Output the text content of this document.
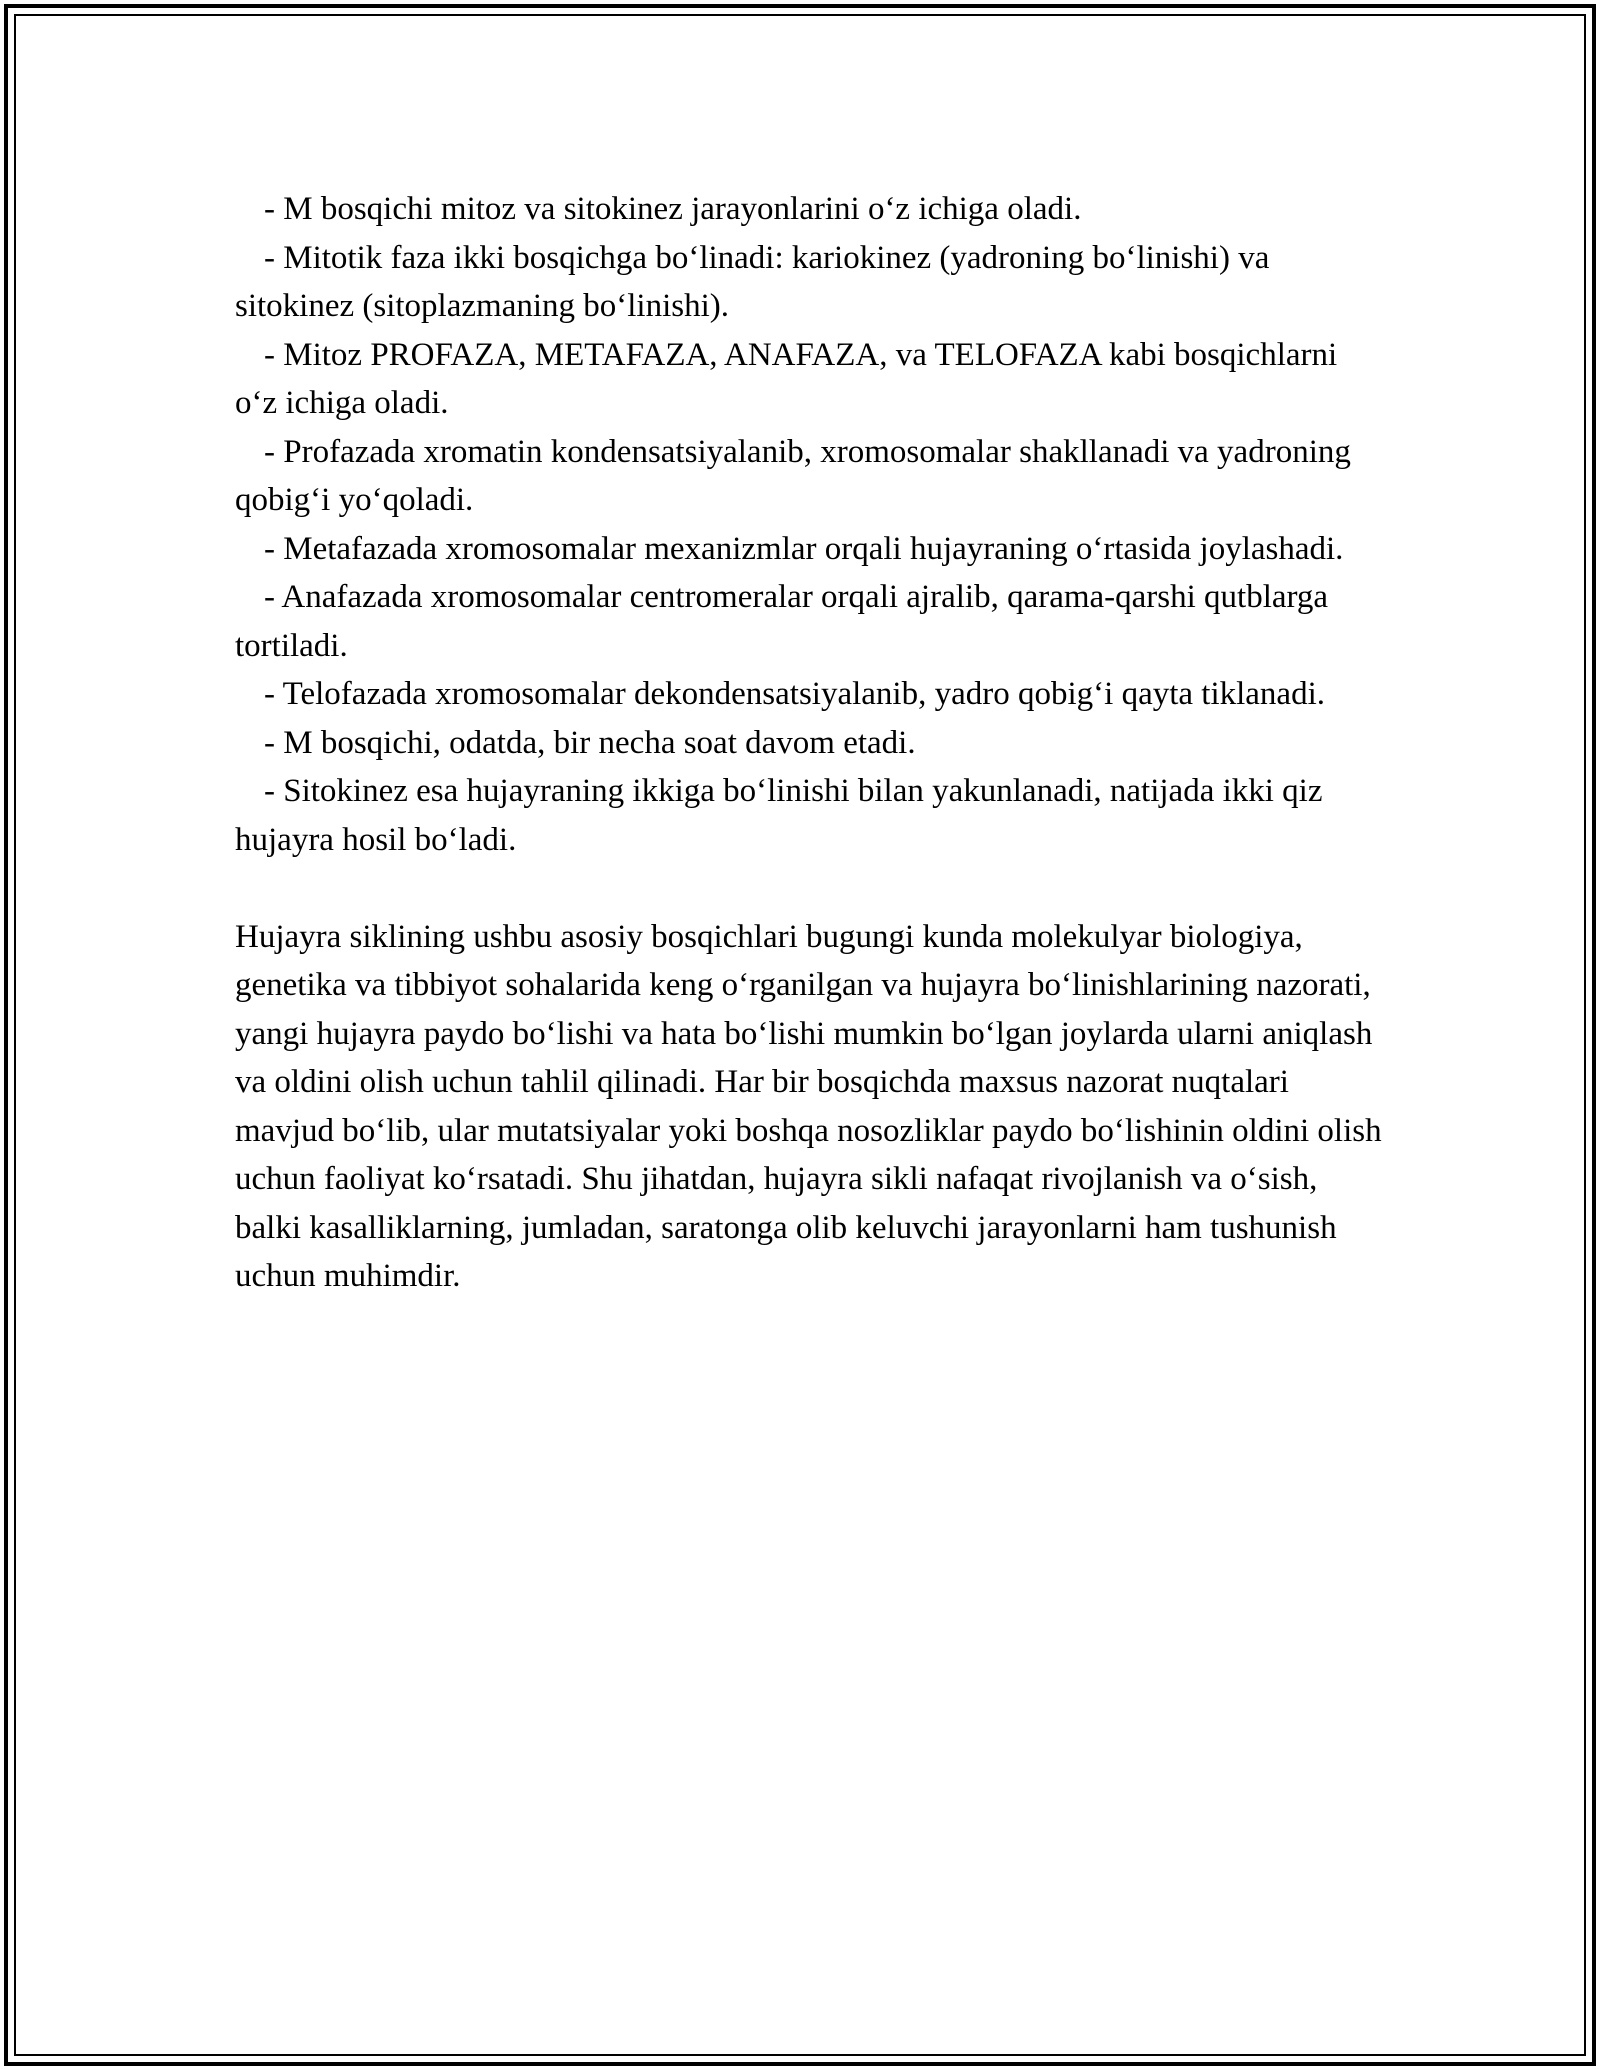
- M bosqichi mitoz va sitokinez jarayonlarini o‘z ichiga oladi.

- Mitotik faza ikki bosqichga bo‘linadi: kariokinez (yadroning bo‘linishi) va sitokinez (sitoplazmaning bo‘linishi).

- Mitoz PROFAZA, METAFAZA, ANAFAZA, va TELOFAZA kabi bosqichlarni o‘z ichiga oladi.

- Profazada xromatin kondensatsiyalanib, xromosomalar shakllanadi va yadroning qobig‘i yo‘qoladi.

- Metafazada xromosomalar mexanizmlar orqali hujayraning o‘rtasida joylashadi.

- Anafazada xromosomalar centromeralar orqali ajralib, qarama-qarshi qutblarga tortiladi.

- Telofazada xromosomalar dekondensatsiyalanib, yadro qobig‘i qayta tiklanadi.

- M bosqichi, odatda, bir necha soat davom etadi.

- Sitokinez esa hujayraning ikkiga bo‘linishi bilan yakunlanadi, natijada ikki qiz hujayra hosil bo‘ladi.

Hujayra siklining ushbu asosiy bosqichlari bugungi kunda molekulyar biologiya, genetika va tibbiyot sohalarida keng o‘rganilgan va hujayra bo‘linishlarining nazorati, yangi hujayra paydo bo‘lishi va hata bo‘lishi mumkin bo‘lgan joylarda ularni aniqlash va oldini olish uchun tahlil qilinadi. Har bir bosqichda maxsus nazorat nuqtalari mavjud bo‘lib, ular mutatsiyalar yoki boshqa nosozliklar paydo bo‘lishinin oldini olish uchun faoliyat ko‘rsatadi. Shu jihatdan, hujayra sikli nafaqat rivojlanish va o‘sish, balki kasalliklarning, jumladan, saratonga olib keluvchi jarayonlarni ham tushunish uchun muhimdir.
